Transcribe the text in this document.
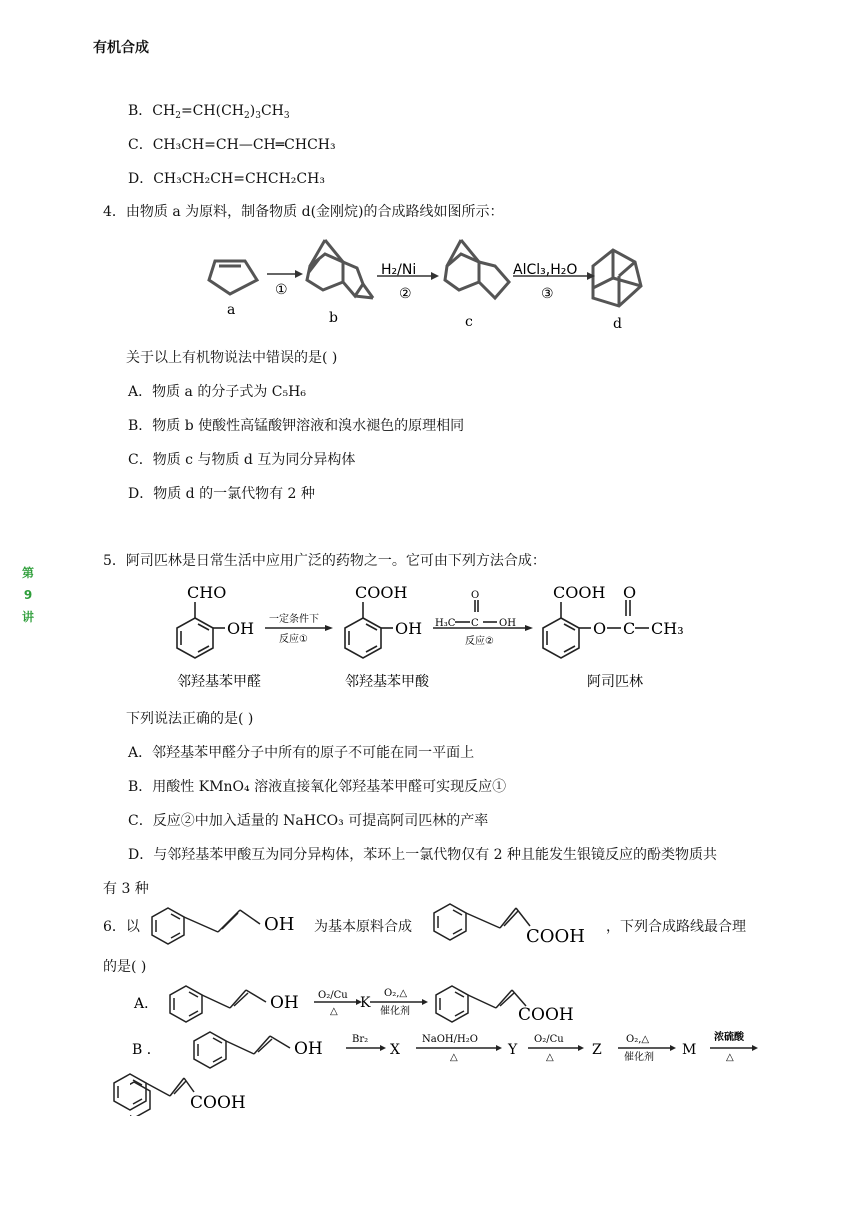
有机合成
第
9
讲
B．$CH_2=CH(CH_2)_3CH_3$
C．CH₃CH=CH—CH═CHCH₃
D．CH₃CH₂CH=CHCH₂CH₃
4．由物质 a 为原料，制备物质 d(金刚烷)的合成路线如图所示：
①
H₂/Ni
②
AlCl₃,H₂O
③
a	b	c	d
关于以上有机物说法中错误的是( )
A．物质 a 的分子式为 C₅H₆
B．物质 b 使酸性高锰酸钾溶液和溴水褪色的原理相同
C．物质 c 与物质 d 互为同分异构体
D．物质 d 的一氯代物有 2 种
5．阿司匹林是日常生活中应用广泛的药物之一。它可由下列方法合成：
CHO
OH 一定条件下
反应①
COOH
OH
O
H₃C C OH
反应②
COOH
O
O
C CH₃
邻羟基苯甲醛	邻羟基苯甲酸	阿司匹林
下列说法正确的是( )
A．邻羟基苯甲醛分子中所有的原子不可能在同一平面上
B．用酸性 KMnO₄ 溶液直接氧化邻羟基苯甲醛可实现反应①
C．反应②中加入适量的 NaHCO₃ 可提高阿司匹林的产率
D．与邻羟基苯甲酸互为同分异构体，苯环上一氯代物仅有 2 种且能发生银镜反应的酚类物质共
有 3 种
6．以	OH 为基本原料合成	COOH ，下列合成路线最合理
的是( )
A．	OH O₂/Cu
△
K
O₂,△
催化剂	COOH
B ．	OH	Br₂
X
NaOH/H₂O
△	Y
O₂/Cu
△	Z
O₂,△
催化剂 M
浓硫酸
△
COOH
